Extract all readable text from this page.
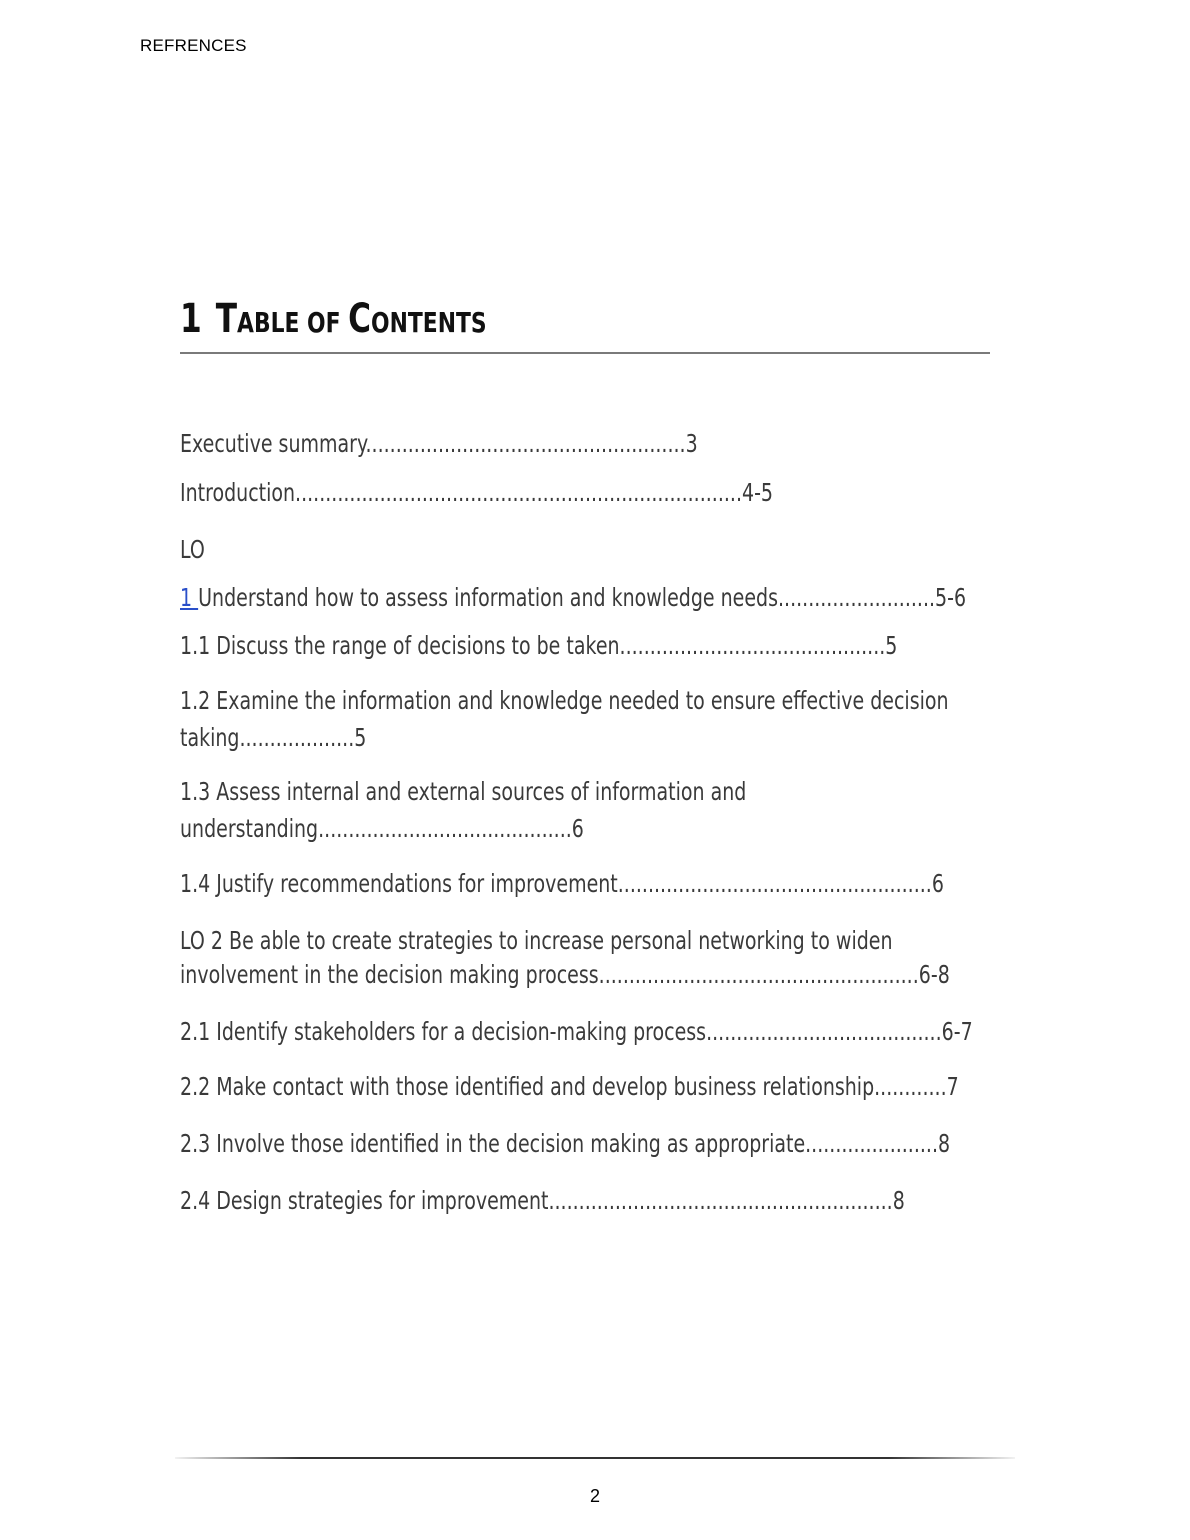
REFRENCES
1 TABLE OF CONTENTS
Executive summary.....................................................3
Introduction..........................................................................4-5
LO
1 Understand how to assess information and knowledge needs..........................5-6
1.1 Discuss the range of decisions to be taken............................................5
1.2 Examine the information and knowledge needed to ensure effective decision
taking...................5
1.3 Assess internal and external sources of information and
understanding..........................................6
1.4 Justify recommendations for improvement....................................................6
LO 2 Be able to create strategies to increase personal networking to widen
involvement in the decision making process.....................................................6-8
2.1 Identify stakeholders for a decision-making process.......................................6-7
2.2 Make contact with those identified and develop business relationship............7
2.3 Involve those identified in the decision making as appropriate......................8
2.4 Design strategies for improvement.........................................................8
2
